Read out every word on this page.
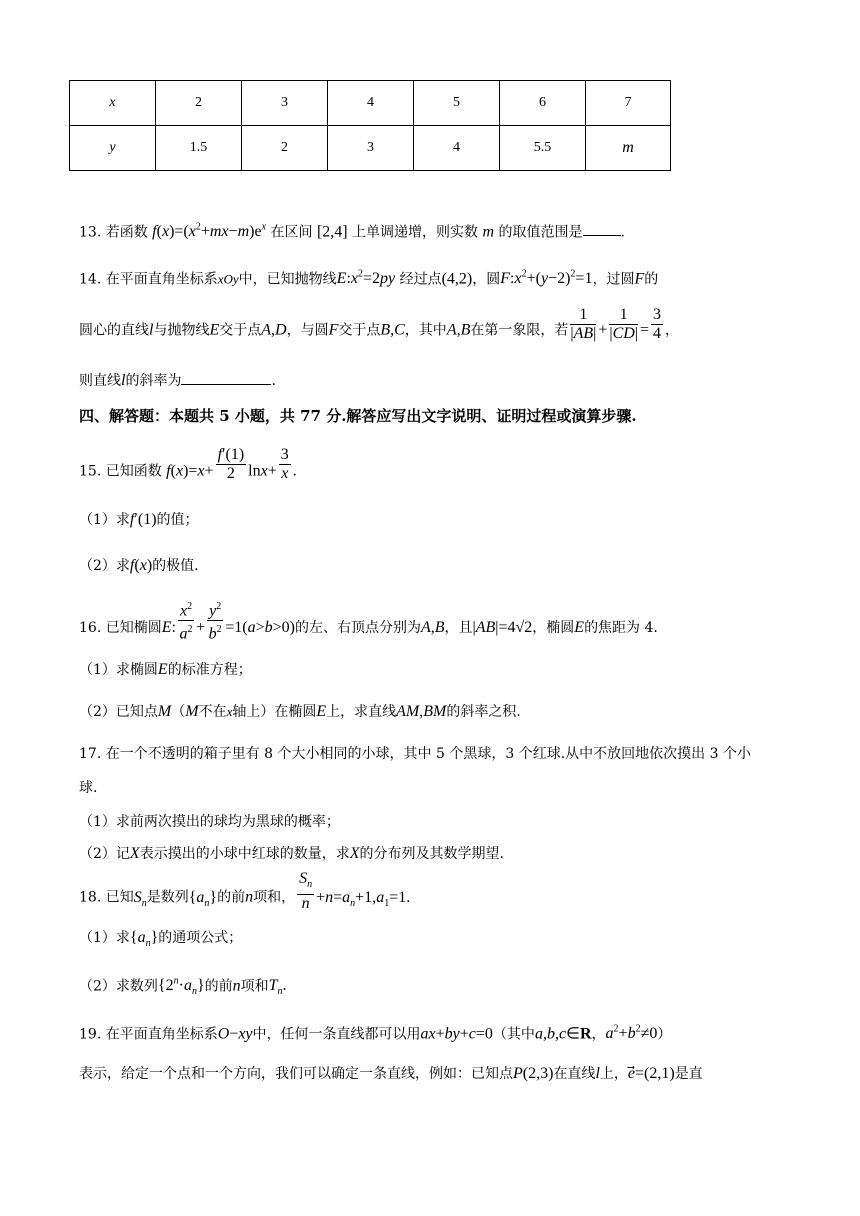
x	2	3	4	5	6	7
y	1.5	2	3	4	5.5	m
13. 若函数 $f(x)=(x^2+mx-m)e^x$ 在区间 [2,4] 上单调递增，则实数 m 的取值范围是	.
14. 在平面直角坐标系xOy中，已知抛物线$E:x^2=2py$ 经过点(4,2)，圆$F:x^2+(y-2)^2=1$，过圆F的
圆心的直线l与抛物线E交于点A,D，与圆F交于点B,C，其中A,B在第一象限，若 $\frac{1}{|AB|} + \frac{1}{|CD|} = \frac{3}{4}$ ，
则直线l的斜率为	.
四、解答题：本题共 5 小题，共 77 分.解答应写出文字说明、证明过程或演算步骤.
15. 已知函数 $f(x)=x+ \frac{f'(1)}{2} \ln x+ \frac{3}{x}$ .
（1）求f′(1)的值；
（2）求f(x)的极值.
16. 已知椭圆E: $\frac{x^2}{a^2} + \frac{y^2}{b^2} =1(a>b>0)$的左、右顶点分别为A,B，且|AB|=4√2，椭圆E的焦距为 4.
（1）求椭圆E的标准方程；
（2）已知点M（M不在x轴上）在椭圆E上，求直线AM,BM的斜率之积.
17. 在一个不透明的箱子里有 8 个大小相同的小球，其中 5 个黑球，3 个红球.从中不放回地依次摸出 3 个小
球.
（1）求前两次摸出的球均为黑球的概率；
（2）记X表示摸出的小球中红球的数量，求X的分布列及其数学期望.
18. 已知$S_n$是数列$\{a_n\}$的前n项和， $\frac{S_n}{n} +n=a_n+1,a_1=1$.
（1）求$\{a_n\}$的通项公式；
（2）求数列$\{2^n\cdot a_n\}$的前n项和$T_n$.
19. 在平面直角坐标系O−xy中，任何一条直线都可以用ax+by+c=0（其中a,b,c∈R，$a^2+b^2\ne 0$）
表示，给定一个点和一个方向，我们可以确定一条直线，例如：已知点P(2,3)在直线l上，e⃗=(2,1)是直
